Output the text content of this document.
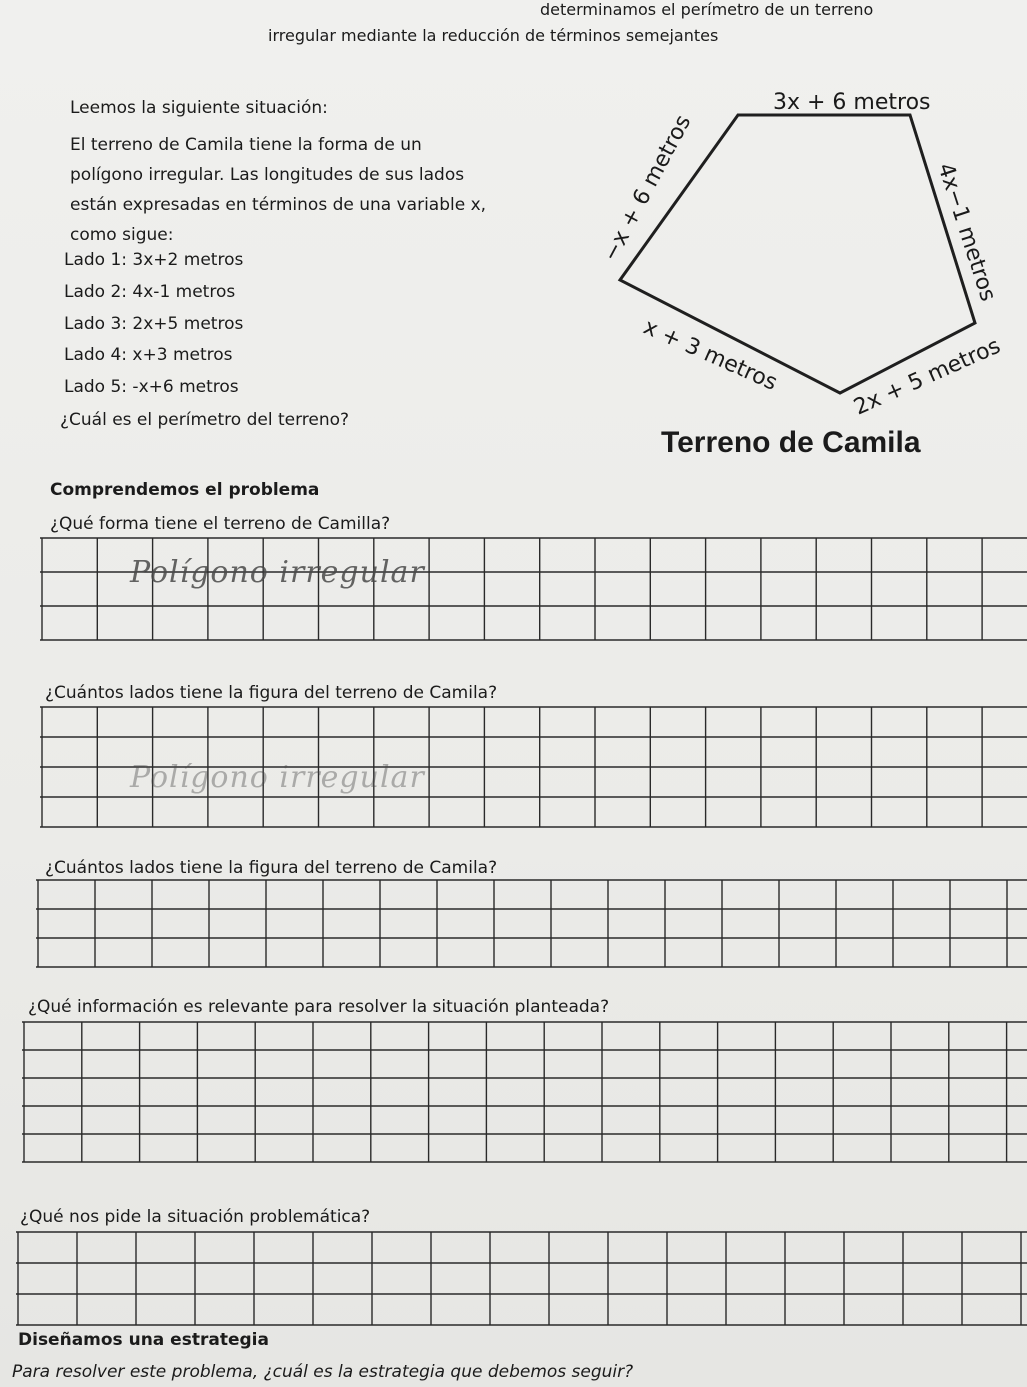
determinamos el perímetro de un terreno
irregular mediante la reducción de términos semejantes
Leemos la siguiente situación:
El terreno de Camila tiene la forma de un
polígono irregular. Las longitudes de sus lados
están expresadas en términos de una variable x,
como sigue:
Lado 1: 3x+2 metros
Lado 2: 4x-1 metros
Lado 3: 2x+5 metros
Lado 4: x+3 metros
Lado 5: -x+6 metros
¿Cuál es el perímetro del terreno?
3x + 6 metros
4x−1 metros
−x + 6 metros
x + 3 metros	2x + 5 metros
Terreno de Camila
Comprendemos el problema
¿Qué forma tiene el terreno de Camilla?
Polígono irregular
¿Cuántos lados tiene la figura del terreno de Camila?
Polígono irregular
¿Cuántos lados tiene la figura del terreno de Camila?
¿Qué información es relevante para resolver la situación planteada?
¿Qué nos pide la situación problemática?
Diseñamos una estrategia
Para resolver este problema, ¿cuál es la estrategia que debemos seguir?
